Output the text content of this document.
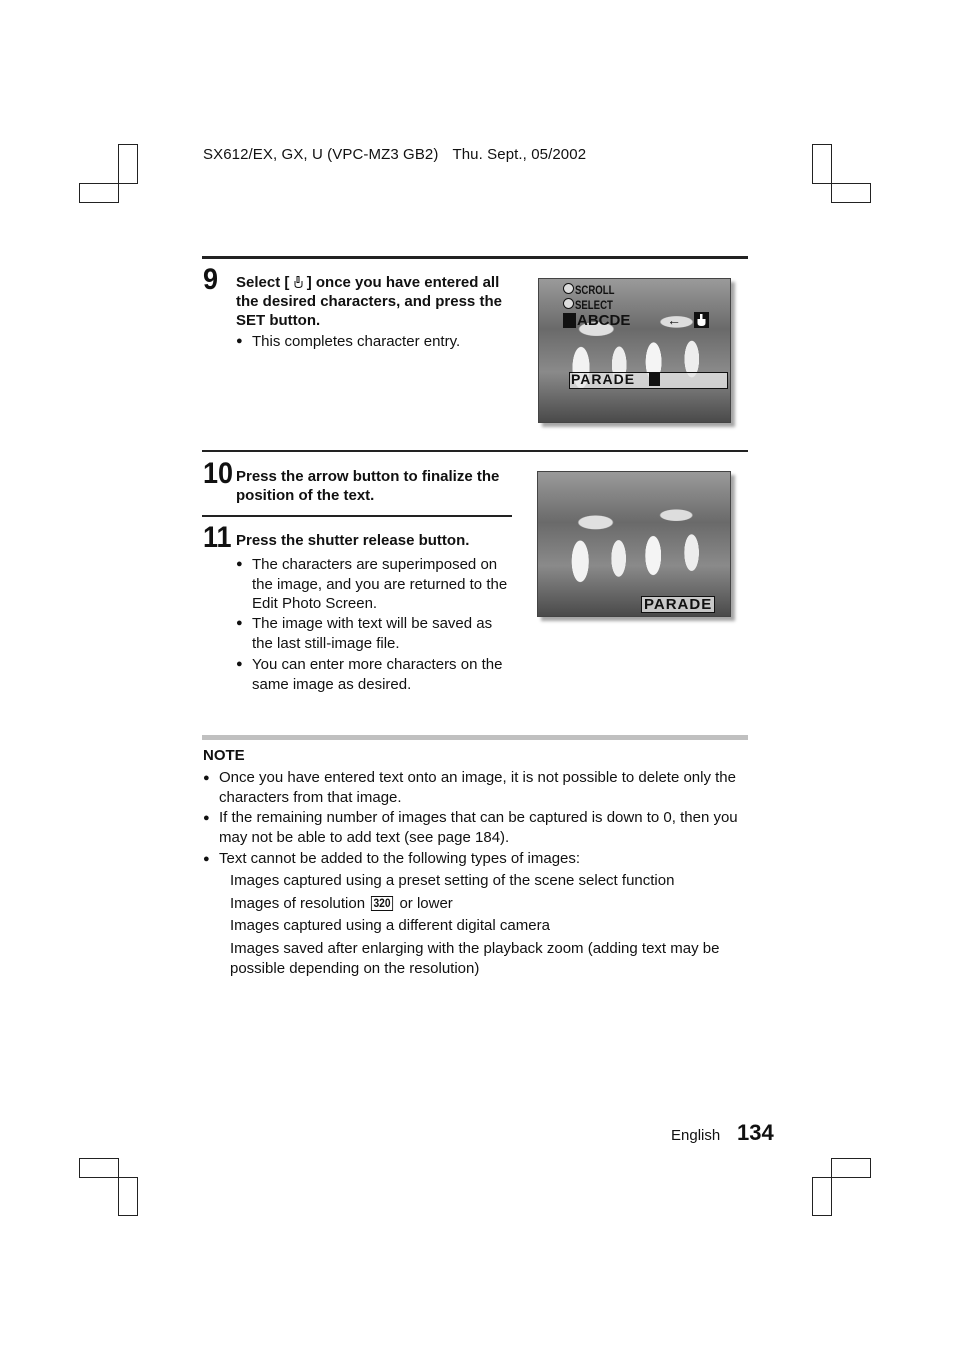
SX612/EX, GX, U (VPC-MZ3 GB2) Thu. Sept., 05/2002
9 Select [ ] once you have entered all the desired characters, and press the SET button.
● This completes character entry.
SCROLL
SELECT
ABCDE	←
PARADE
10 Press the arrow button to finalize the position of the text.
PARADE
11 Press the shutter release button.
● The characters are superimposed on the image, and you are returned to the Edit Photo Screen.
● The image with text will be saved as the last still-image file.
● You can enter more characters on the same image as desired.
NOTE
● Once you have entered text onto an image, it is not possible to delete only the characters from that image.
● If the remaining number of images that can be captured is down to 0, then you may not be able to add text (see page 184).
● Text cannot be added to the following types of images:
Images captured using a preset setting of the scene select function
Images of resolution 320 or lower
Images captured using a different digital camera
Images saved after enlarging with the playback zoom (adding text may be possible depending on the resolution)
English 134
